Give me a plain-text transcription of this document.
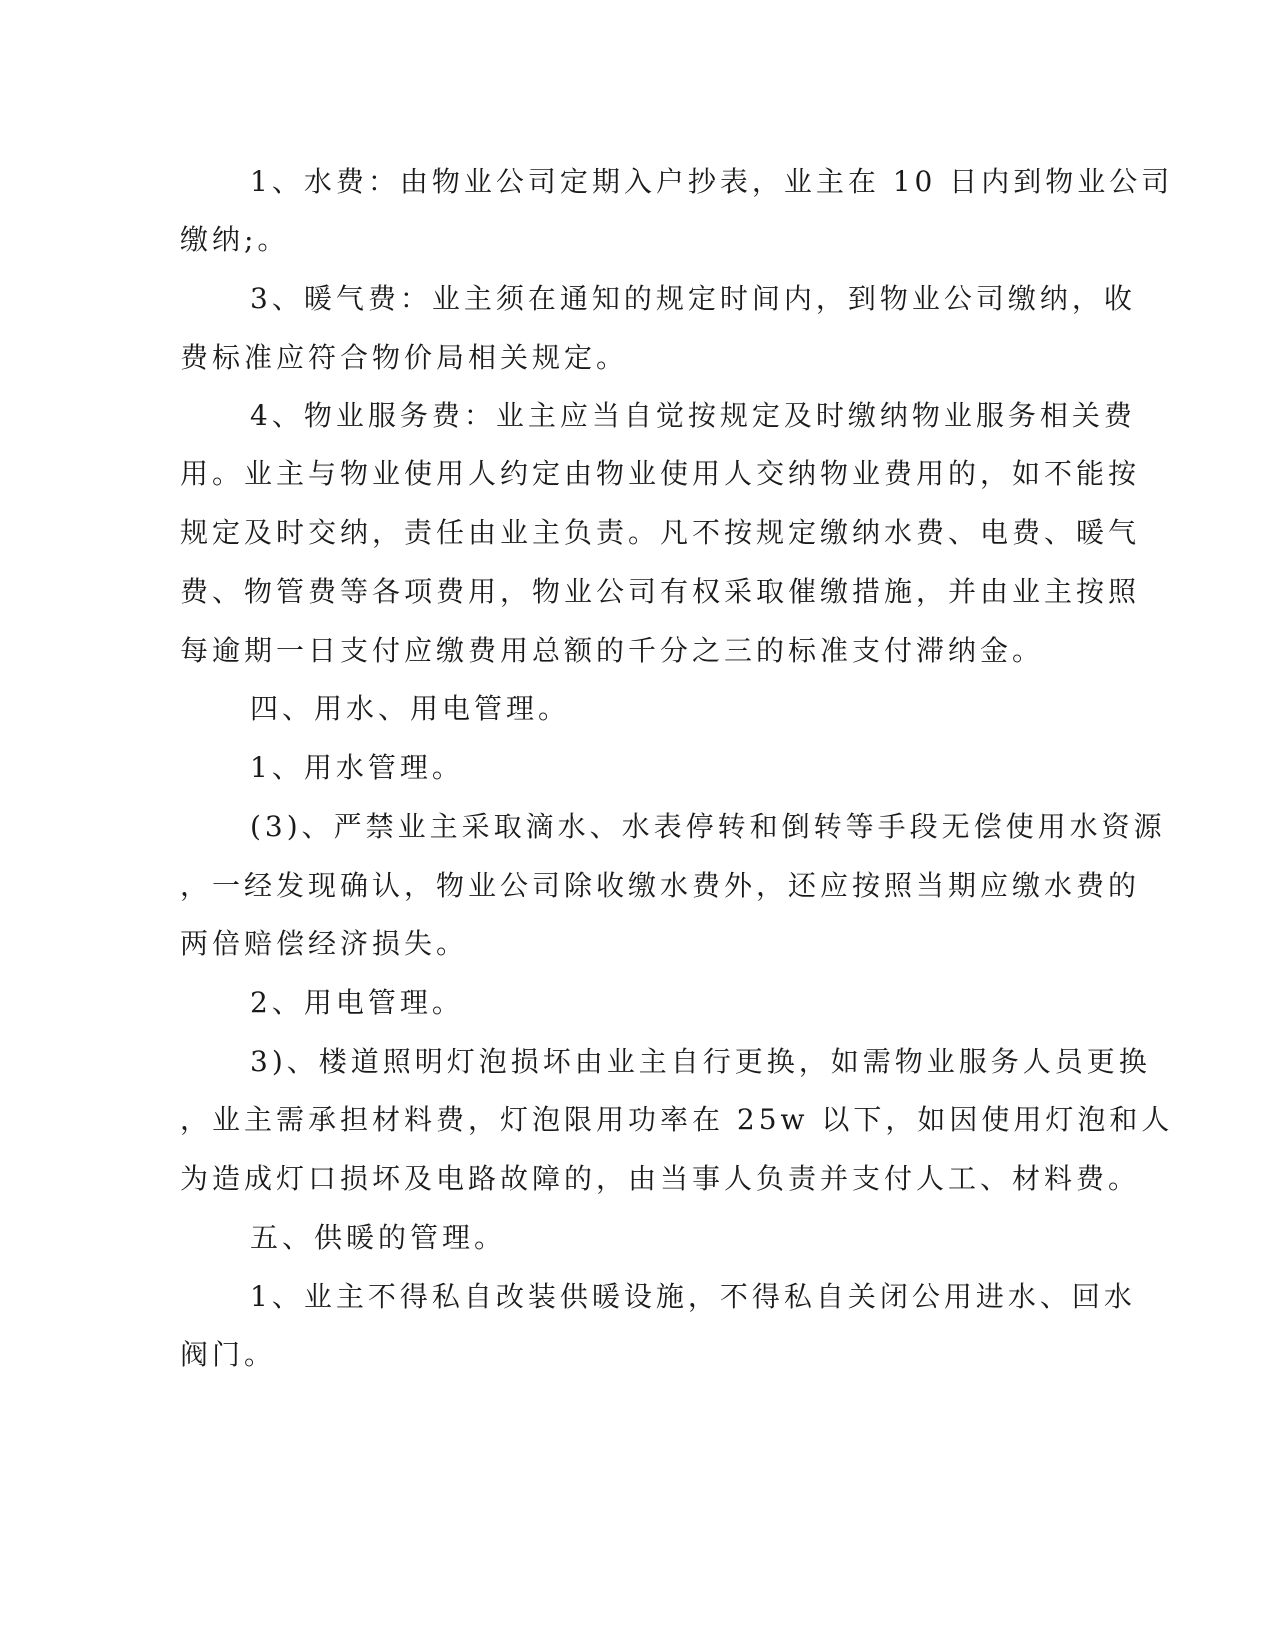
1、水费：由物业公司定期入户抄表，业主在 10 日内到物业公司

缴纳;。

3、暖气费：业主须在通知的规定时间内，到物业公司缴纳，收

费标准应符合物价局相关规定。

4、物业服务费：业主应当自觉按规定及时缴纳物业服务相关费

用。业主与物业使用人约定由物业使用人交纳物业费用的，如不能按

规定及时交纳，责任由业主负责。凡不按规定缴纳水费、电费、暖气

费、物管费等各项费用，物业公司有权采取催缴措施，并由业主按照

每逾期一日支付应缴费用总额的千分之三的标准支付滞纳金。

四、用水、用电管理。

1、用水管理。

(3)、严禁业主采取滴水、水表停转和倒转等手段无偿使用水资源

，一经发现确认，物业公司除收缴水费外，还应按照当期应缴水费的

两倍赔偿经济损失。

2、用电管理。

3)、楼道照明灯泡损坏由业主自行更换，如需物业服务人员更换

，业主需承担材料费，灯泡限用功率在 25w 以下，如因使用灯泡和人

为造成灯口损坏及电路故障的，由当事人负责并支付人工、材料费。

五、供暖的管理。

1、业主不得私自改装供暖设施，不得私自关闭公用进水、回水

阀门。
